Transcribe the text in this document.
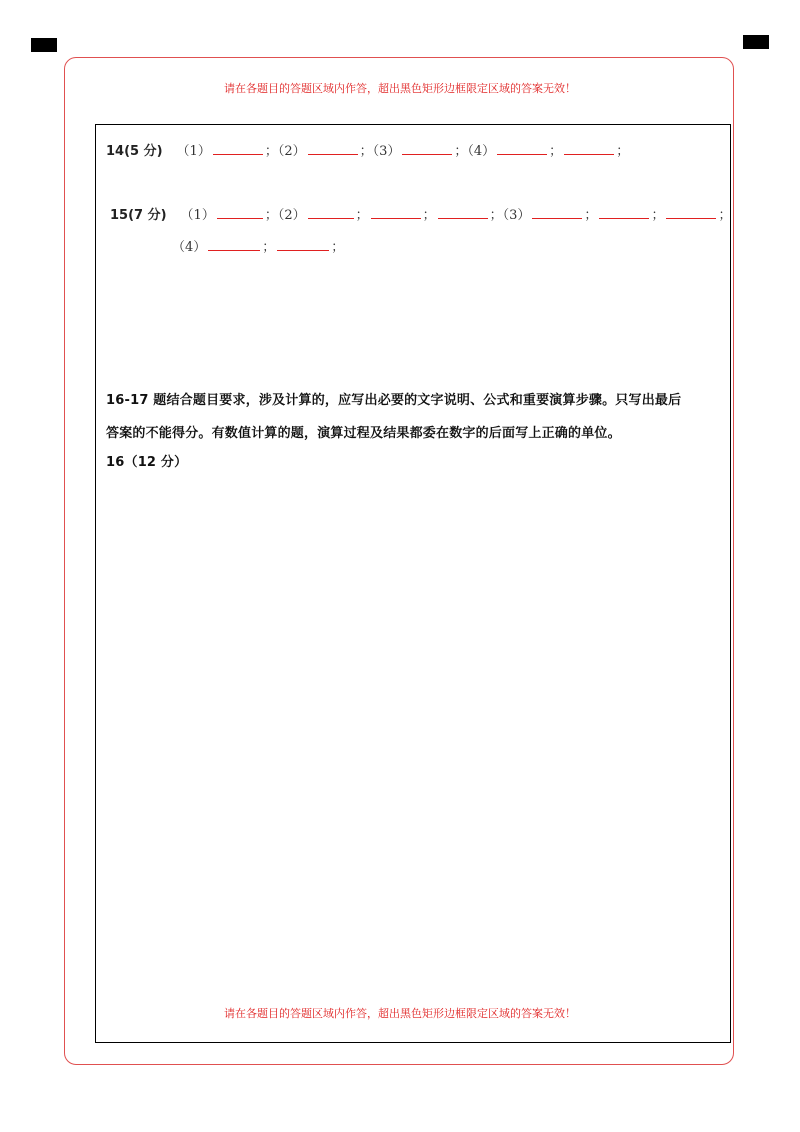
请在各题目的答题区域内作答，超出黑色矩形边框限定区域的答案无效！
14(5 分) （1）	；（2）	；（3）	；（4）	；	；
15(7 分) （1）	；（2）	；	；	；（3）	；	；	；
（4）	；	；
16-17 题结合题目要求，涉及计算的，应写出必要的文字说明、公式和重要演算步骤。只写出最后
答案的不能得分。有数值计算的题，演算过程及结果都委在数字的后面写上正确的单位。
16（12 分）
请在各题目的答题区域内作答，超出黑色矩形边框限定区域的答案无效！
